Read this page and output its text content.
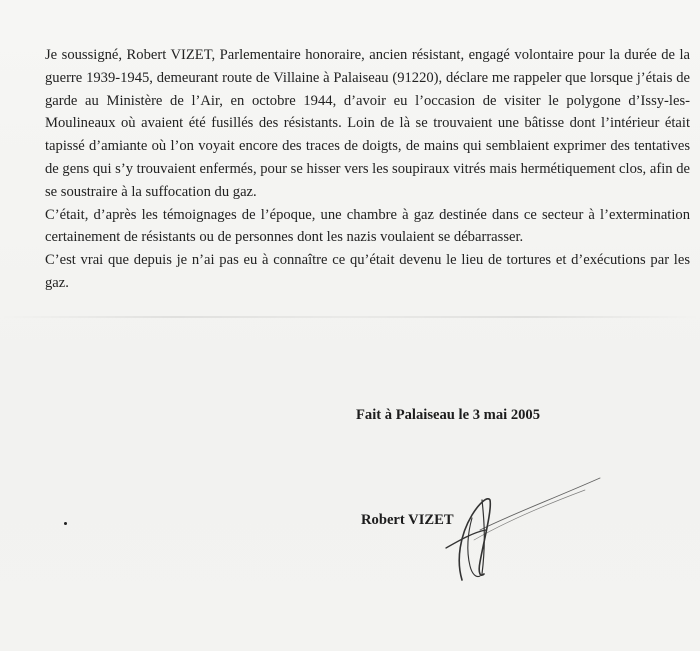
Je soussigné, Robert VIZET, Parlementaire honoraire, ancien résistant, engagé volontaire pour la durée de la guerre 1939-1945, demeurant route de Villaine à Palaiseau (91220), déclare me rappeler que lorsque j’étais de garde au Ministère de l’Air, en octobre 1944, d’avoir eu l’occasion de visiter le polygone d’Issy-les-Moulineaux où avaient été fusillés des résistants. Loin de là se trouvaient une bâtisse dont l’intérieur était tapissé d’amiante où l’on voyait encore des traces de doigts, de mains qui semblaient exprimer des tentatives de gens qui s’y trouvaient enfermés, pour se hisser vers les soupiraux vitrés mais hermétiquement clos, afin de se soustraire à la suffocation du gaz.

C’était, d’après les témoignages de l’époque, une chambre à gaz destinée dans ce secteur à l’extermination certainement de résistants ou de personnes dont les nazis voulaient se débarrasser.

C’est vrai que depuis je n’ai pas eu à connaître ce qu’était devenu le lieu de tortures et d’exécutions par les gaz.

Fait à Palaiseau le 3 mai 2005

Robert VIZET
